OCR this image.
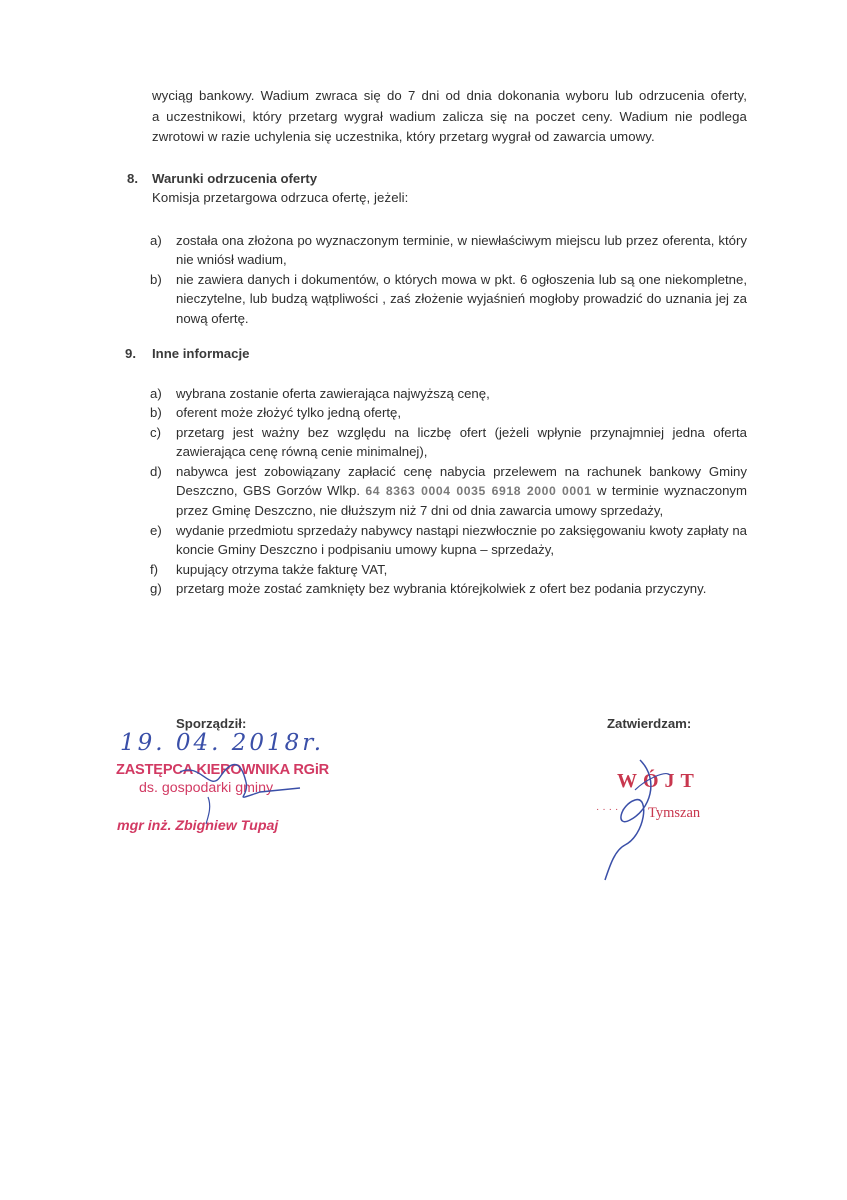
wyciąg bankowy. Wadium zwraca się do 7 dni od dnia dokonania wyboru lub odrzucenia oferty,
a uczestnikowi, który przetarg wygrał wadium zalicza się na poczet ceny. Wadium nie podlega
zwrotowi w razie uchylenia się uczestnika, który przetarg wygrał od zawarcia umowy.
8. Warunki odrzucenia oferty
Komisja przetargowa odrzuca ofertę, jeżeli:
a) została ona złożona po wyznaczonym terminie, w niewłaściwym miejscu lub przez oferenta, który nie wniósł wadium,
b) nie zawiera danych i dokumentów, o których mowa w pkt. 6 ogłoszenia lub są one niekompletne, nieczytelne, lub budzą wątpliwości , zaś złożenie wyjaśnień mogłoby prowadzić do uznania jej za nową ofertę.
9. Inne informacje
a) wybrana zostanie oferta zawierająca najwyższą cenę,
b) oferent może złożyć tylko jedną ofertę,
c) przetarg jest ważny bez względu na liczbę ofert (jeżeli wpłynie przynajmniej jedna oferta zawierająca cenę równą cenie minimalnej),
d) nabywca jest zobowiązany zapłacić cenę nabycia przelewem na rachunek bankowy Gminy Deszczno, GBS Gorzów Wlkp. 64 8363 0004 0035 6918 2000 0001 w terminie wyznaczonym przez Gminę Deszczno, nie dłuższym niż 7 dni od dnia zawarcia umowy sprzedaży,
e) wydanie przedmiotu sprzedaży nabywcy nastąpi niezwłocznie po zaksięgowaniu kwoty zapłaty na koncie Gminy Deszczno i podpisaniu umowy kupna – sprzedaży,
f) kupujący otrzyma także fakturę VAT,
g) przetarg może zostać zamknięty bez wybrania którejkolwiek z ofert bez podania przyczyny.
Sporządził:
19. 04. 2018r.
ZASTĘPCA KIEROWNIKA RGiR
ds. gospodarki gminy
mgr inż. Zbigniew Tupaj
Zatwierdzam:
WÓJT
····· Tymszan
